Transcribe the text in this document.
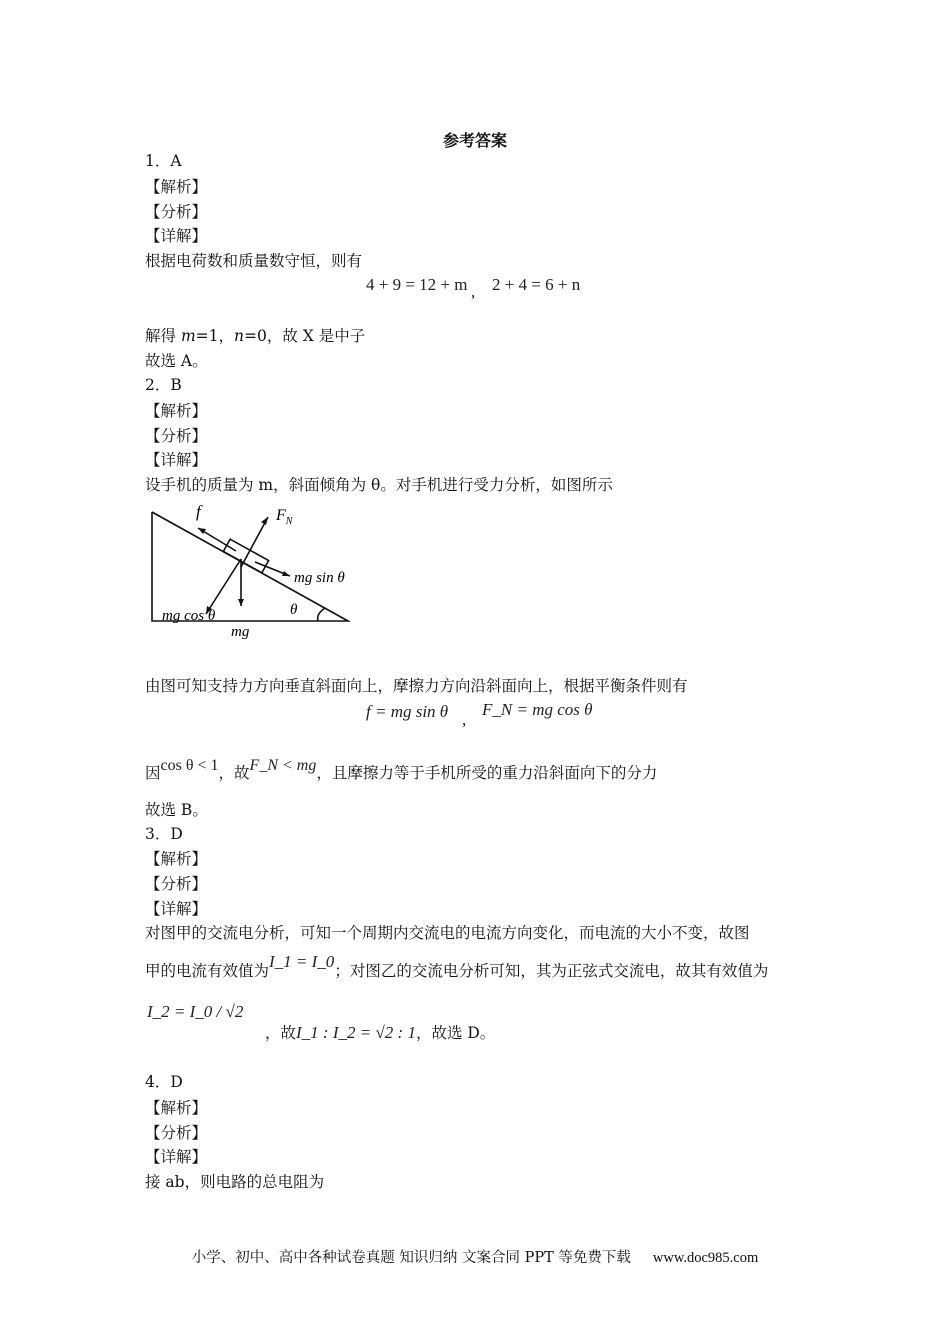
参考答案
1．A
【解析】
【分析】
【详解】
根据电荷数和质量数守恒，则有
4 + 9 = 12 + m , 2 + 4 = 6 + n
解得 m=1，n=0，故 X 是中子
故选 A。
2．B
【解析】
【分析】
【详解】
设手机的质量为 m，斜面倾角为 θ。对手机进行受力分析，如图所示
f	$F_N$
mg sin θ
mg cos θ	θ
mg
由图可知支持力方向垂直斜面向上，摩擦力方向沿斜面向上，根据平衡条件则有
f = mg sin θ ,
F_N = mg cos θ
因cos θ < 1，故F_N < mg，且摩擦力等于手机所受的重力沿斜面向下的分力
故选 B。
3．D
【解析】
【分析】
【详解】
对图甲的交流电分析，可知一个周期内交流电的电流方向变化，而电流的大小不变，故图
甲的电流有效值为I_1 = I_0；对图乙的交流电分析可知，其为正弦式交流电，故其有效值为
I_2 = I_0 / √2
，故I_1 : I_2 = √2 : 1，故选 D。
4．D
【解析】
【分析】
【详解】
接 ab，则电路的总电阻为
小学、初中、高中各种试卷真题 知识归纳 文案合同 PPT 等免费下载 www.doc985.com
